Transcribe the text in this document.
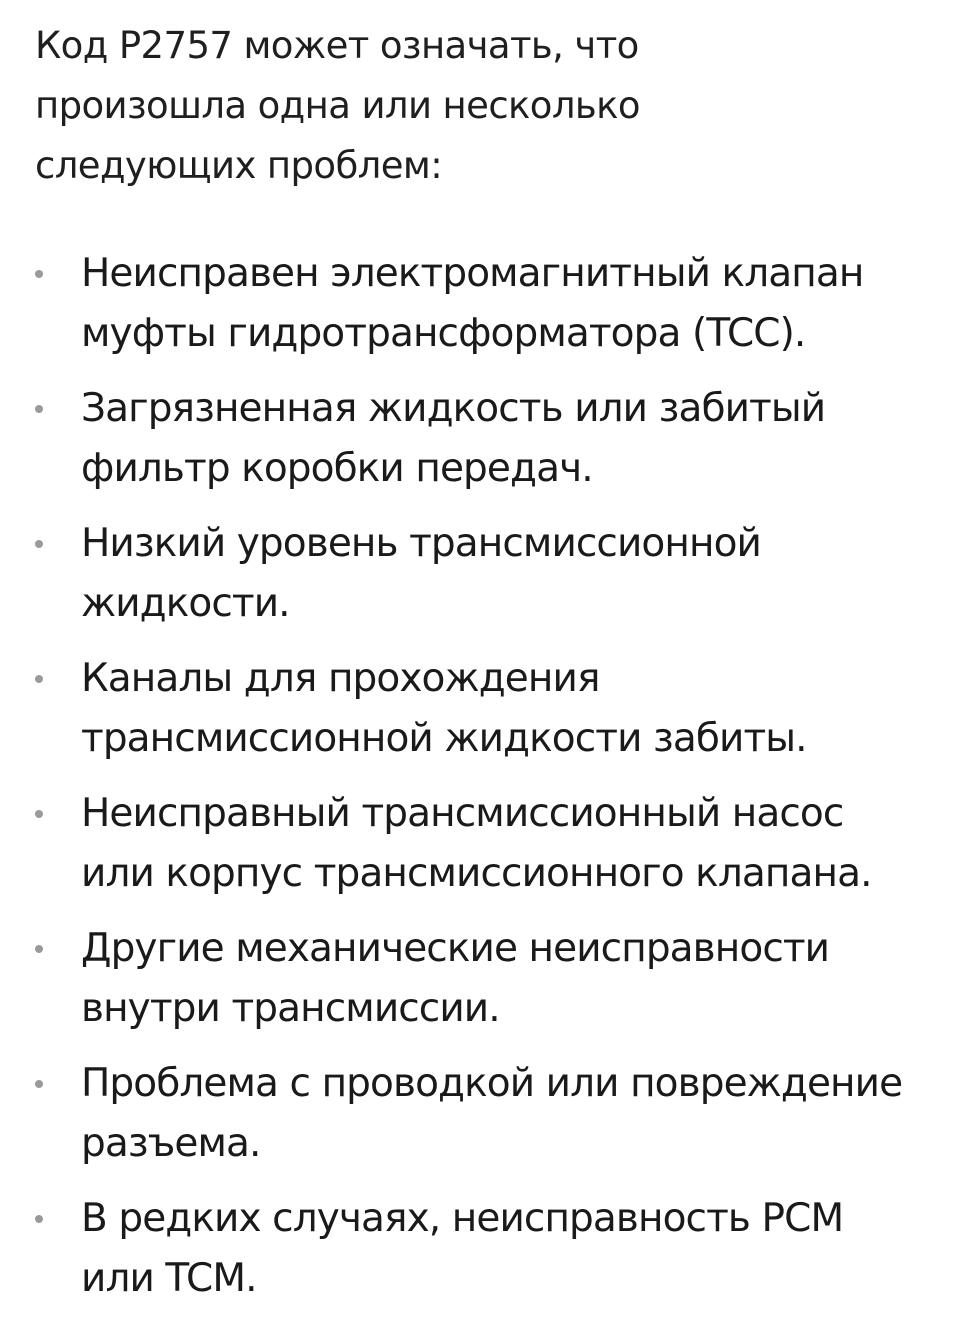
Код P2757 может означать, что произошла одна или несколько следующих проблем:

Неисправен электромагнитный клапан муфты гидротрансформатора (TCC).
Загрязненная жидкость или забитый фильтр коробки передач.
Низкий уровень трансмиссионной жидкости.
Каналы для прохождения трансмиссионной жидкости забиты.
Неисправный трансмиссионный насос или корпус трансмиссионного клапана.
Другие механические неисправности внутри трансмиссии.
Проблема с проводкой или повреждение разъема.
В редких случаях, неисправность PCM или TCM.
